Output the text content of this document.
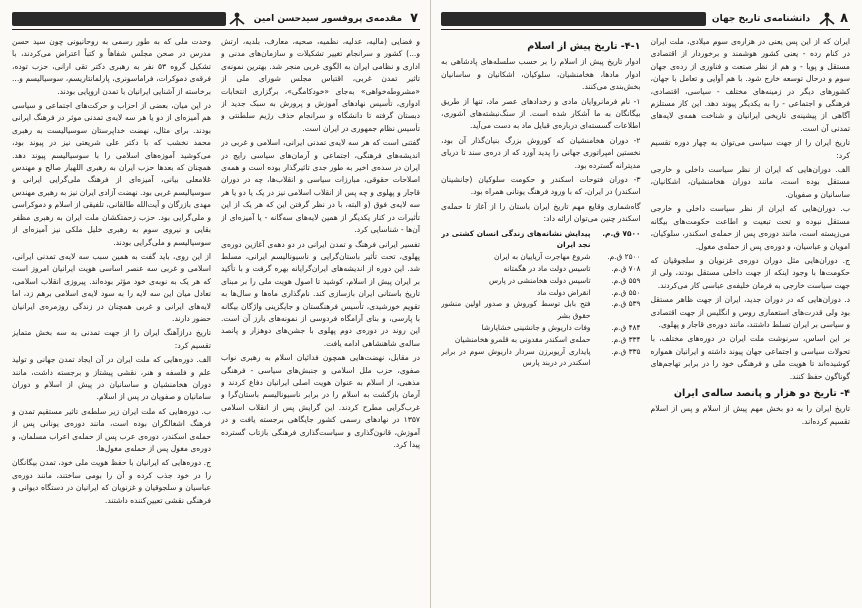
۷
مقدمه‌ی پروفسور سیدحسن امین

و فضایی (مالیه، عدلیه، نظمیه، صحیه، معارف، بلدیه، ارتش و...) کشور و سرانجام تغییر تشکیلات و سازمان‌های مدنی و اداری و نظامی ایران به الگوی غربی منجر شد. بهترین نمونه‌ی تاثیر تمدن غربی، اقتباس مجلس شورای ملی از «مشروطه‌خواهی» به‌جای «خودکامگی»، برگزاری انتخابات ادواری، تأسیس نهادهای آموزش و پرورش به سبک جدید از دبستان گرفته تا دانشگاه و سرانجام حذف رژیم سلطنتی و تأسیس نظام جمهوری در ایران است.

گفتنی است که هر سه لایه‌ی تمدنی ایرانی، اسلامی و غربی در اندیشه‌های فرهنگی، اجتماعی و آرمان‌های سیاسی رایج در ایران در سده‌ی اخیر به طور جدی تاثیرگذار بوده است و همه‌ی اصلاحات حقوقی، مبارزات سیاسی و انقلاب‌ها، چه در دوران قاجار و پهلوی و چه پس از انقلاب اسلامی نیز در یک یا دو یا هر سه لایه‌ی فوق (و البته، با در نظر گرفتن این که هر یک از این تأثیرات در کنار یکدیگر از همین لایه‌های سه‌گانه - یا آمیزه‌ای از آن‌ها - شناسایی کرد.

تفسیر ایرانی فرهنگ و تمدن ایرانی در دو دهه‌ی آغازین دوره‌ی پهلوی، تحت تأثیر باستان‌گرایی و ناسیونالیسم ایرانی، مسلط شد. این دوره از اندیشه‌های ایران‌گرایانه بهره گرفت و با تأکید بر ایران پیش از اسلام، کوشید تا اصول هویت ملی را بر مبنای تاریخ باستانی ایران بازسازی کند. نام‌گذاری ماه‌ها و سال‌ها به تقویم خورشیدی، تأسیس فرهنگستان و جایگزینی واژگان بیگانه با پارسی، و بنای آرامگاه فردوسی از نمونه‌های بارز آن است. این روند در دوره‌ی دوم پهلوی با جشن‌های دوهزار و پانصد ساله‌ی شاهنشاهی ادامه یافت.

در مقابل، نهضت‌هایی همچون فدائیان اسلام به رهبری نواب صفوی، حزب ملل اسلامی و جنبش‌های سیاسی - فرهنگی مذهبی، از اسلام به عنوان هویت اصلی ایرانیان دفاع کردند و آرمان بازگشت به اسلام را در برابر ناسیونالیسم باستان‌گرا و غرب‌گرایی مطرح کردند. این گرایش پس از انقلاب اسلامی ۱۳۵۷ در نهادهای رسمی کشور جایگاهی برجسته یافت و در آموزش، قانون‌گذاری و سیاست‌گذاری فرهنگی بازتاب گسترده پیدا کرد.

وحدت ملی که به طور رسمی به روحانیونی چون سید حسن مدرس در صحن مجلس شفاهاً و کتباً اعتراض می‌کردند، با تشکیل گروه ۵۳ نفر به رهبری دکتر تقی ارانی، حزب توده، فرقه‌ی دموکرات، فراماسونری، پارلمانتاریسم، سوسیالیسم و... برخاسته از آشنایی ایرانیان با تمدن اروپایی بودند.

در این میان، بعضی از احزاب و حرکت‌های اجتماعی و سیاسی هم آمیزه‌ای از دو یا هر سه لایه‌ی تمدنی موثر در فرهنگ ایرانی بودند. برای مثال، نهضت خداپرستان سوسیالیست به رهبری محمد نخشب که با دکتر علی شریعتی نیز در پیوند بود، می‌کوشید آموزه‌های اسلامی را با سوسیالیسم پیوند دهد. همچنان که بعدها حزب ایران به رهبری اللهیار صالح و مهندس غلامعلی بیانی، آمیزه‌ای از فرهنگ ملی‌گرایی ایرانی و سوسیالیسم غربی بود. نهضت آزادی ایران نیز به رهبری مهندس مهدی بازرگان و آیت‌الله طالقانی، تلفیقی از اسلام و دموکراسی و ملی‌گرایی بود. حزب زحمتکشان ملت ایران به رهبری مظفر بقایی و نیروی سوم به رهبری خلیل ملکی نیز آمیزه‌ای از سوسیالیسم و ملی‌گرایی بودند.

از این روی، باید گفت به همین سبب سه لایه‌ی تمدنی ایرانی، اسلامی و غربی سه عنصر اساسی هویت ایرانیان امروز است که هر یک به نوبه‌ی خود مؤثر بوده‌اند. پیروزی انقلاب اسلامی، تعادل میان این سه لایه را به سود لایه‌ی اسلامی برهم زد، اما لایه‌های ایرانی و غربی همچنان در زندگی روزمره‌ی ایرانیان حضور دارند.

تاریخ درازآهنگ ایران را از جهت تمدنی به سه بخش متمایز تقسیم کرد:

الف. دوره‌هایی که ملت ایران در آن ایجاد تمدن جهانی و تولید علم و فلسفه و هنر، نقشی پیشتاز و برجسته داشت، مانند دوران هخامنشیان و ساسانیان در پیش از اسلام و دوران سامانیان و صفویان در پس از اسلام.

ب. دوره‌هایی که ملت ایران زیر سلطه‌ی تاثیر مستقیم تمدن و فرهنگ اشغالگران بوده است، مانند دوره‌ی یونانی پس از حمله‌ی اسکندر، دوره‌ی عرب پس از حمله‌ی اعراب مسلمان، و دوره‌ی مغول پس از حمله‌ی مغول‌ها.

ج. دوره‌هایی که ایرانیان با حفظ هویت ملی خود، تمدن بیگانگان را در خود جذب کرده و آن را بومی ساختند، مانند دوره‌ی عباسیان و سلجوقیان و غزنویان که ایرانیان در دستگاه دیوانی و فرهنگی نقشی تعیین‌کننده داشتند.

۸
دانشنامه‌ی تاریخ جهان

ایران که از این پس یعنی در هزاره‌ی سوم میلادی، ملت ایران در کنام رده - یعنی کشور هوشمند و برخوردار از اقتصادی مستقل و پویا - و هم از نظر صنعت و فناوری از رده‌ی جهان سوم و درحال توسعه خارج شود. با هم آوایی و تعامل با جهان، کشورهای دیگر در زمینه‌های مختلف - سیاسی، اقتصادی، فرهنگی و اجتماعی - را به یکدیگر پیوند دهد. این کار مستلزم آگاهی از پیشینه‌ی تاریخی ایرانیان و شناخت همه‌ی لایه‌های تمدنی آن است.

تاریخ ایران را از جهت سیاسی می‌توان به چهار دوره تقسیم کرد:

الف. دوران‌هایی که ایران از نظر سیاست داخلی و خارجی مستقل بوده است، مانند دوران هخامنشیان، اشکانیان، ساسانیان و صفویان.

ب. دوران‌هایی که ایران از نظر سیاست داخلی و خارجی مستقل نبوده و تحت تبعیت و اطاعت حکومت‌های بیگانه می‌زیسته است، مانند دوره‌ی پس از حمله‌ی اسکندر، سلوکیان، امویان و عباسیان، و دوره‌ی پس از حمله‌ی مغول.

ج. دوران‌هایی مثل دوران دوره‌ی غزنویان و سلجوقیان که حکومت‌ها با وجود اینکه از جهت داخلی مستقل بودند، ولی از جهت سیاست خارجی به فرمان خلیفه‌ی عباسی کار می‌کردند.

د. دوران‌هایی که در دوران جدید، ایران از جهت ظاهر مستقل بود ولی قدرت‌های استعماری روس و انگلیس از جهت اقتصادی و سیاسی بر ایران تسلط داشتند، مانند دوره‌ی قاجار و پهلوی.

بر این اساس، سرنوشت ملت ایران در دوره‌های مختلف، با تحولات سیاسی و اجتماعی جهان پیوند داشته و ایرانیان همواره کوشیده‌اند تا هویت ملی و فرهنگی خود را در برابر تهاجم‌های گوناگون حفظ کنند.

۴- تاریخ دو هزار و پانصد ساله‌ی ایران

تاریخ ایران را به دو بخش مهم پیش از اسلام و پس از اسلام تقسیم کرده‌اند.

۴-۱- تاریخ پیش از اسلام

ادوار تاریخ پیش از اسلام را بر حسب سلسله‌های پادشاهی به ادوار ماد‌ها، هخامنشیان، سلوکیان، اشکانیان و ساسانیان بخش‌بندی می‌کنند.

۱- نام فرمانروایان مادی و رخدادهای عصر ماد، تنها از طریق بیگانگان به ما آشکار شده است. از سنگ‌نبشته‌های آشوری، اطلاعات گسسته‌ای درباره‌ی قبایل ماد به دست می‌آید.

۲- دوران هخامنشیان که کوروش بزرگ بنیان‌گذار آن بود، نخستین امپراتوری جهانی را پدید آورد که از دره‌ی سند تا دریای مدیترانه گسترده بود.

۳- دوران فتوحات اسکندر و حکومت سلوکیان (جانشینان اسکندر) در ایران، که با ورود فرهنگ یونانی همراه بود.

گاه‌شماری وقایع مهم تاریخ ایران باستان را از آغاز تا حمله‌ی اسکندر چنین می‌توان ارائه داد:

۷۵۰۰ ق.م.	پیدایش نشانه‌های زندگی انسان کشتی در نجد ایران
۲۵۰۰ ق.م.	شروع مهاجرت آریاییان به ایران
۷۰۸ ق.م.	تاسیس دولت ماد در هگمتانه
۵۵۹ ق.م.	تاسیس دولت هخامنشی در پارس
۵۵۰ ق.م.	انقراض دولت ماد
۵۳۹ ق.م.	فتح بابل توسط کوروش و صدور اولین منشور حقوق بشر
۴۸۴ ق.م.	وفات داریوش و جانشینی خشایارشا
۳۳۴ ق.م.	حمله‌ی اسکندر مقدونی به قلمرو هخامنشیان
۳۳۵ ق.م.	پایداری آریوبرزن سردار داریوش سوم در برابر اسکندر در دربند پارس
